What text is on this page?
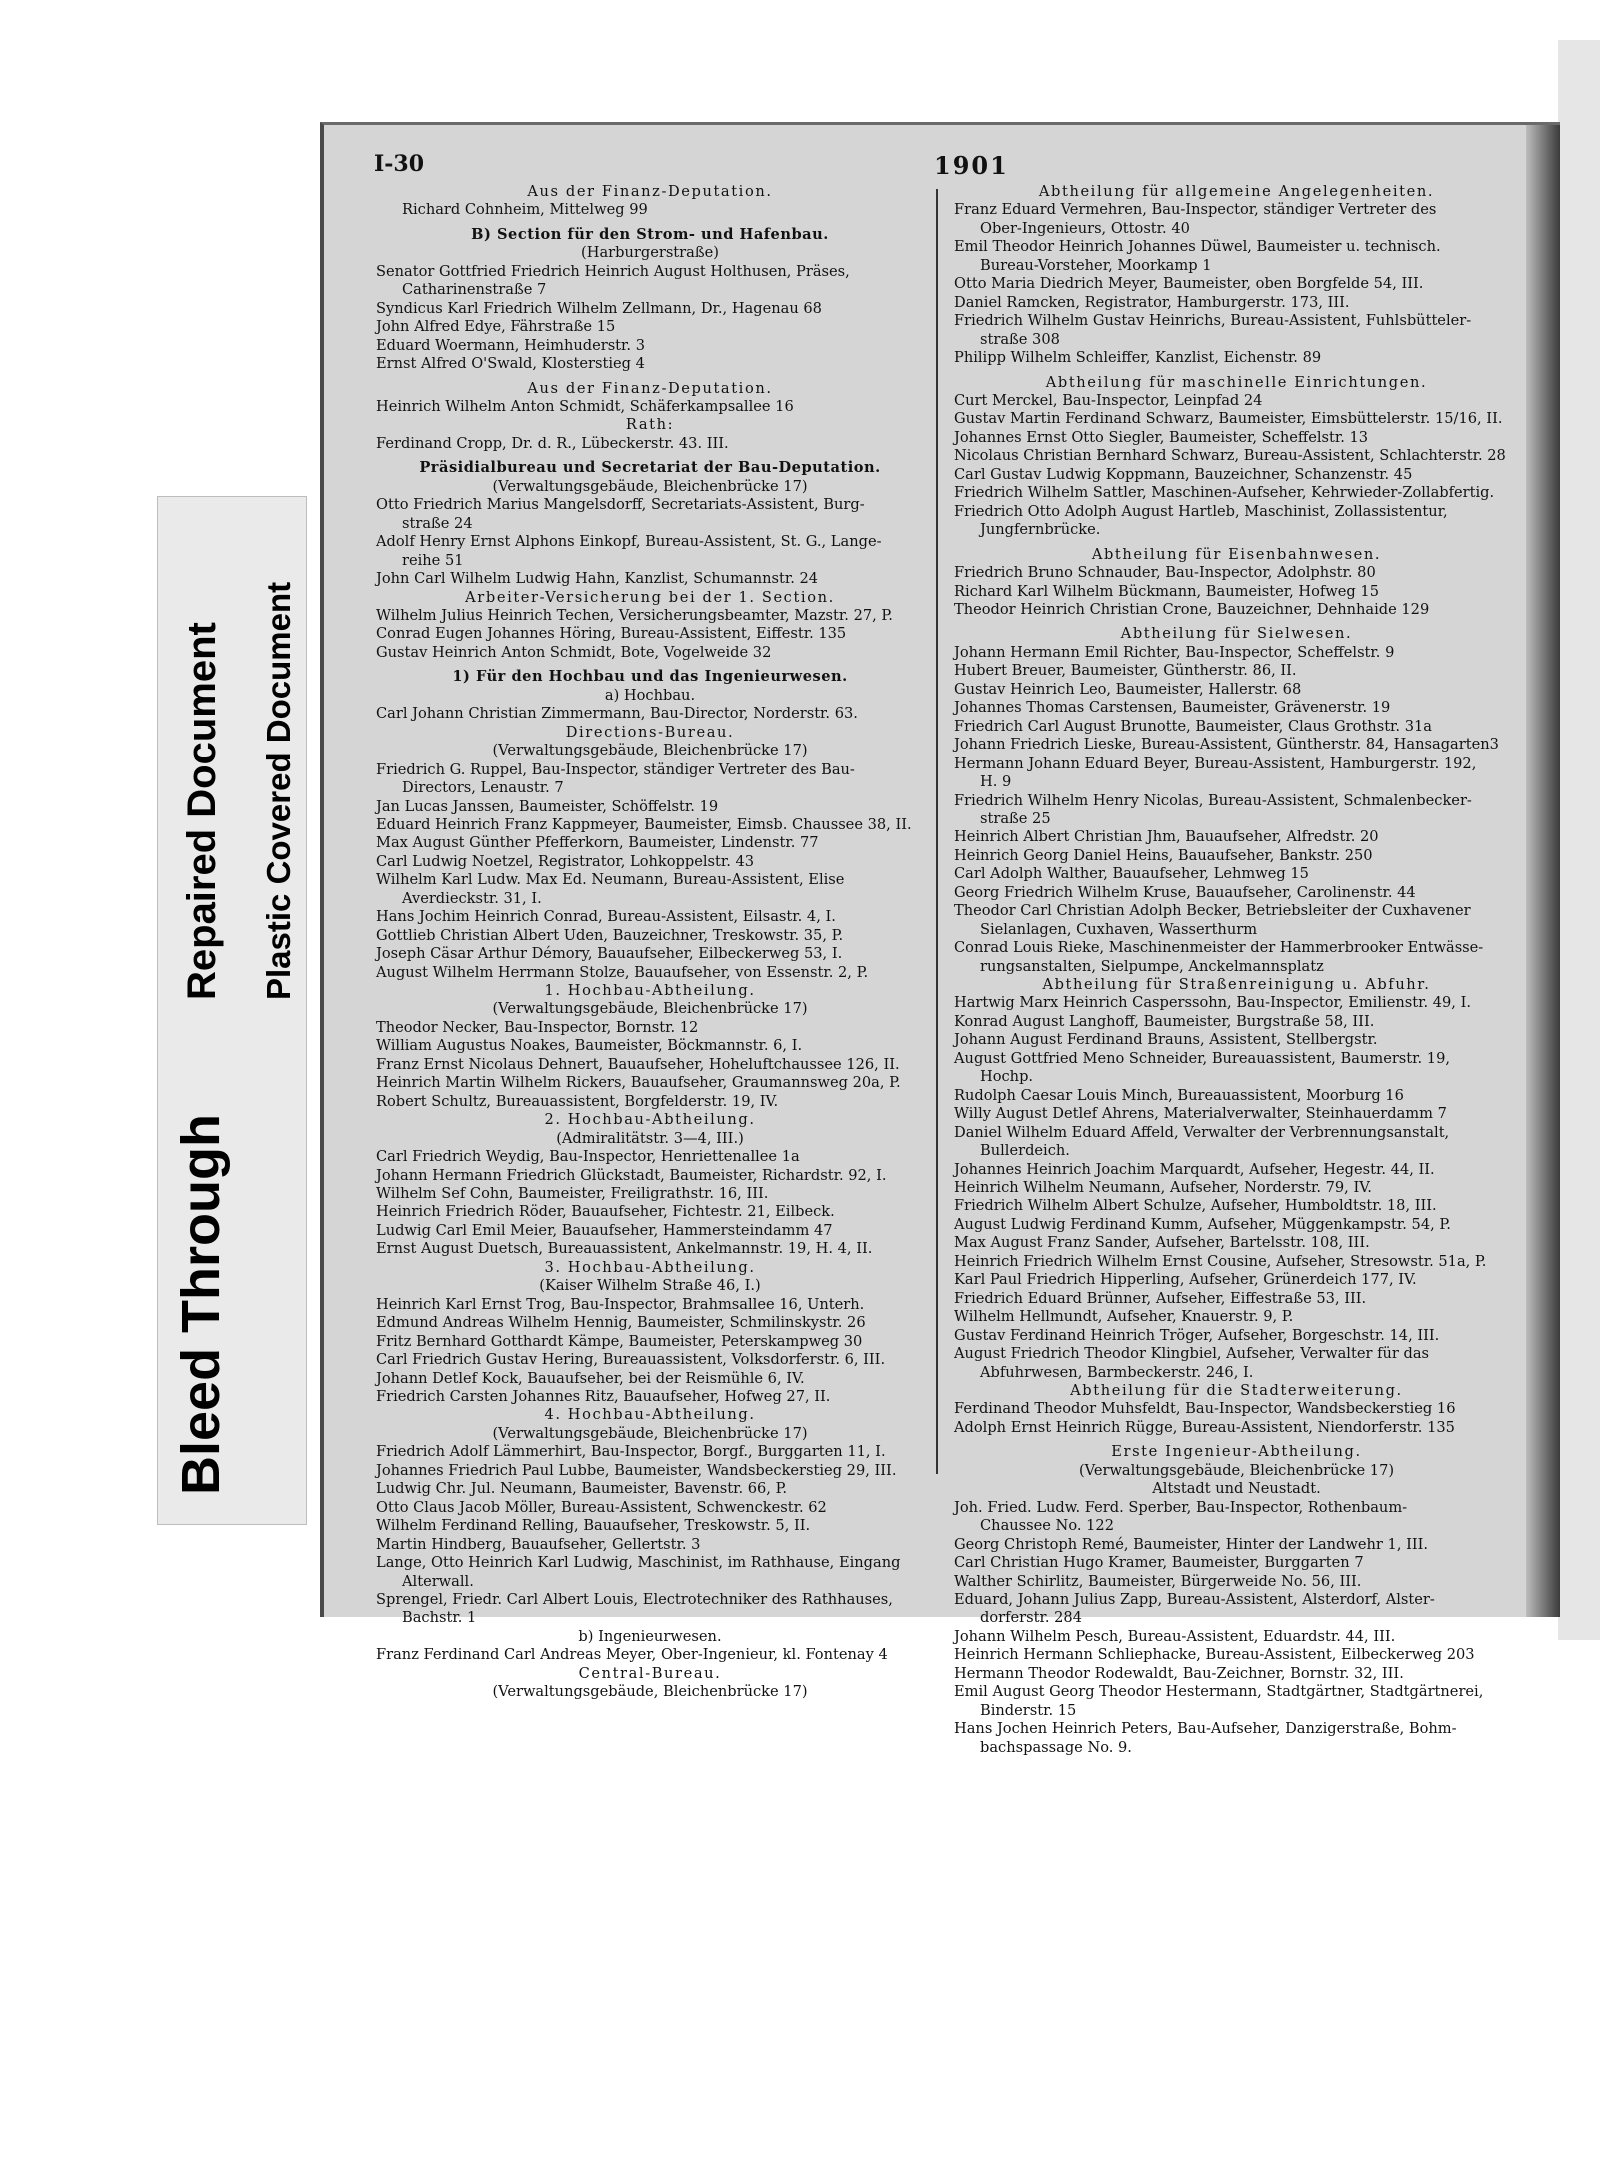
Bleed Through
Repaired Document Plastic Covered Document
I-30	1901
Aus der Finanz-Deputation.
Richard Cohnheim, Mittelweg 99
B) Section für den Strom- und Hafenbau.
(Harburgerstraße)
Senator Gottfried Friedrich Heinrich August Holthusen, Präses,
Catharinenstraße 7
Syndicus Karl Friedrich Wilhelm Zellmann, Dr., Hagenau 68
John Alfred Edye, Fährstraße 15
Eduard Woermann, Heimhuderstr. 3
Ernst Alfred O'Swald, Klosterstieg 4
Aus der Finanz-Deputation.
Heinrich Wilhelm Anton Schmidt, Schäferkampsallee 16
Rath:
Ferdinand Cropp, Dr. d. R., Lübeckerstr. 43. III.
Präsidialbureau und Secretariat der Bau-Deputation.
(Verwaltungsgebäude, Bleichenbrücke 17)
Otto Friedrich Marius Mangelsdorff, Secretariats-Assistent, Burg-
straße 24
Adolf Henry Ernst Alphons Einkopf, Bureau-Assistent, St. G., Lange-
reihe 51
John Carl Wilhelm Ludwig Hahn, Kanzlist, Schumannstr. 24
Arbeiter-Versicherung bei der 1. Section.
Wilhelm Julius Heinrich Techen, Versicherungsbeamter, Mazstr. 27, P.
Conrad Eugen Johannes Höring, Bureau-Assistent, Eiffestr. 135
Gustav Heinrich Anton Schmidt, Bote, Vogelweide 32
1) Für den Hochbau und das Ingenieurwesen.
a) Hochbau.
Carl Johann Christian Zimmermann, Bau-Director, Norderstr. 63.
Directions-Bureau.
(Verwaltungsgebäude, Bleichenbrücke 17)
Friedrich G. Ruppel, Bau-Inspector, ständiger Vertreter des Bau-
Directors, Lenaustr. 7
Jan Lucas Janssen, Baumeister, Schöffelstr. 19
Eduard Heinrich Franz Kappmeyer, Baumeister, Eimsb. Chaussee 38, II.
Max August Günther Pfefferkorn, Baumeister, Lindenstr. 77
Carl Ludwig Noetzel, Registrator, Lohkoppelstr. 43
Wilhelm Karl Ludw. Max Ed. Neumann, Bureau-Assistent, Elise
Averdieckstr. 31, I.
Hans Jochim Heinrich Conrad, Bureau-Assistent, Eilsastr. 4, I.
Gottlieb Christian Albert Uden, Bauzeichner, Treskowstr. 35, P.
Joseph Cäsar Arthur Démory, Bauaufseher, Eilbeckerweg 53, I.
August Wilhelm Herrmann Stolze, Bauaufseher, von Essenstr. 2, P.
1. Hochbau-Abtheilung.
(Verwaltungsgebäude, Bleichenbrücke 17)
Theodor Necker, Bau-Inspector, Bornstr. 12
William Augustus Noakes, Baumeister, Böckmannstr. 6, I.
Franz Ernst Nicolaus Dehnert, Bauaufseher, Hoheluftchaussee 126, II.
Heinrich Martin Wilhelm Rickers, Bauaufseher, Graumannsweg 20a, P.
Robert Schultz, Bureauassistent, Borgfelderstr. 19, IV.
2. Hochbau-Abtheilung.
(Admiralitätstr. 3—4, III.)
Carl Friedrich Weydig, Bau-Inspector, Henriettenallee 1a
Johann Hermann Friedrich Glückstadt, Baumeister, Richardstr. 92, I.
Wilhelm Sef Cohn, Baumeister, Freiligrathstr. 16, III.
Heinrich Friedrich Röder, Bauaufseher, Fichtestr. 21, Eilbeck.
Ludwig Carl Emil Meier, Bauaufseher, Hammersteindamm 47
Ernst August Duetsch, Bureauassistent, Ankelmannstr. 19, H. 4, II.
3. Hochbau-Abtheilung.
(Kaiser Wilhelm Straße 46, I.)
Heinrich Karl Ernst Trog, Bau-Inspector, Brahmsallee 16, Unterh.
Edmund Andreas Wilhelm Hennig, Baumeister, Schmilinskystr. 26
Fritz Bernhard Gotthardt Kämpe, Baumeister, Peterskampweg 30
Carl Friedrich Gustav Hering, Bureauassistent, Volksdorferstr. 6, III.
Johann Detlef Kock, Bauaufseher, bei der Reismühle 6, IV.
Friedrich Carsten Johannes Ritz, Bauaufseher, Hofweg 27, II.
4. Hochbau-Abtheilung.
(Verwaltungsgebäude, Bleichenbrücke 17)
Friedrich Adolf Lämmerhirt, Bau-Inspector, Borgf., Burggarten 11, I.
Johannes Friedrich Paul Lubbe, Baumeister, Wandsbeckerstieg 29, III.
Ludwig Chr. Jul. Neumann, Baumeister, Bavenstr. 66, P.
Otto Claus Jacob Möller, Bureau-Assistent, Schwenckestr. 62
Wilhelm Ferdinand Relling, Bauaufseher, Treskowstr. 5, II.
Martin Hindberg, Bauaufseher, Gellertstr. 3
Lange, Otto Heinrich Karl Ludwig, Maschinist, im Rathhause, Eingang
Alterwall.
Sprengel, Friedr. Carl Albert Louis, Electrotechniker des Rathhauses,
Bachstr. 1
b) Ingenieurwesen.
Franz Ferdinand Carl Andreas Meyer, Ober-Ingenieur, kl. Fontenay 4
Central-Bureau.
(Verwaltungsgebäude, Bleichenbrücke 17)
Abtheilung für allgemeine Angelegenheiten.
Franz Eduard Vermehren, Bau-Inspector, ständiger Vertreter des
Ober-Ingenieurs, Ottostr. 40
Emil Theodor Heinrich Johannes Düwel, Baumeister u. technisch.
Bureau-Vorsteher, Moorkamp 1
Otto Maria Diedrich Meyer, Baumeister, oben Borgfelde 54, III.
Daniel Ramcken, Registrator, Hamburgerstr. 173, III.
Friedrich Wilhelm Gustav Heinrichs, Bureau-Assistent, Fuhlsbütteler-
straße 308
Philipp Wilhelm Schleiffer, Kanzlist, Eichenstr. 89
Abtheilung für maschinelle Einrichtungen.
Curt Merckel, Bau-Inspector, Leinpfad 24
Gustav Martin Ferdinand Schwarz, Baumeister, Eimsbüttelerstr. 15/16, II.
Johannes Ernst Otto Siegler, Baumeister, Scheffelstr. 13
Nicolaus Christian Bernhard Schwarz, Bureau-Assistent, Schlachterstr. 28
Carl Gustav Ludwig Koppmann, Bauzeichner, Schanzenstr. 45
Friedrich Wilhelm Sattler, Maschinen-Aufseher, Kehrwieder-Zollabfertig.
Friedrich Otto Adolph August Hartleb, Maschinist, Zollassistentur,
Jungfernbrücke.
Abtheilung für Eisenbahnwesen.
Friedrich Bruno Schnauder, Bau-Inspector, Adolphstr. 80
Richard Karl Wilhelm Bückmann, Baumeister, Hofweg 15
Theodor Heinrich Christian Crone, Bauzeichner, Dehnhaide 129
Abtheilung für Sielwesen.
Johann Hermann Emil Richter, Bau-Inspector, Scheffelstr. 9
Hubert Breuer, Baumeister, Güntherstr. 86, II.
Gustav Heinrich Leo, Baumeister, Hallerstr. 68
Johannes Thomas Carstensen, Baumeister, Grävenerstr. 19
Friedrich Carl August Brunotte, Baumeister, Claus Grothstr. 31a
Johann Friedrich Lieske, Bureau-Assistent, Güntherstr. 84, Hansagarten3
Hermann Johann Eduard Beyer, Bureau-Assistent, Hamburgerstr. 192,
H. 9
Friedrich Wilhelm Henry Nicolas, Bureau-Assistent, Schmalenbecker-
straße 25
Heinrich Albert Christian Jhm, Bauaufseher, Alfredstr. 20
Heinrich Georg Daniel Heins, Bauaufseher, Bankstr. 250
Carl Adolph Walther, Bauaufseher, Lehmweg 15
Georg Friedrich Wilhelm Kruse, Bauaufseher, Carolinenstr. 44
Theodor Carl Christian Adolph Becker, Betriebsleiter der Cuxhavener
Sielanlagen, Cuxhaven, Wasserthurm
Conrad Louis Rieke, Maschinenmeister der Hammerbrooker Entwässe-
rungsanstalten, Sielpumpe, Anckelmannsplatz
Abtheilung für Straßenreinigung u. Abfuhr.
Hartwig Marx Heinrich Casperssohn, Bau-Inspector, Emilienstr. 49, I.
Konrad August Langhoff, Baumeister, Burgstraße 58, III.
Johann August Ferdinand Brauns, Assistent, Stellbergstr.
August Gottfried Meno Schneider, Bureauassistent, Baumerstr. 19,
Hochp.
Rudolph Caesar Louis Minch, Bureauassistent, Moorburg 16
Willy August Detlef Ahrens, Materialverwalter, Steinhauerdamm 7
Daniel Wilhelm Eduard Affeld, Verwalter der Verbrennungsanstalt,
Bullerdeich.
Johannes Heinrich Joachim Marquardt, Aufseher, Hegestr. 44, II.
Heinrich Wilhelm Neumann, Aufseher, Norderstr. 79, IV.
Friedrich Wilhelm Albert Schulze, Aufseher, Humboldtstr. 18, III.
August Ludwig Ferdinand Kumm, Aufseher, Müggenkampstr. 54, P.
Max August Franz Sander, Aufseher, Bartelsstr. 108, III.
Heinrich Friedrich Wilhelm Ernst Cousine, Aufseher, Stresowstr. 51a, P.
Karl Paul Friedrich Hipperling, Aufseher, Grünerdeich 177, IV.
Friedrich Eduard Brünner, Aufseher, Eiffestraße 53, III.
Wilhelm Hellmundt, Aufseher, Knauerstr. 9, P.
Gustav Ferdinand Heinrich Tröger, Aufseher, Borgeschstr. 14, III.
August Friedrich Theodor Klingbiel, Aufseher, Verwalter für das
Abfuhrwesen, Barmbeckerstr. 246, I.
Abtheilung für die Stadterweiterung.
Ferdinand Theodor Muhsfeldt, Bau-Inspector, Wandsbeckerstieg 16
Adolph Ernst Heinrich Rügge, Bureau-Assistent, Niendorferstr. 135
Erste Ingenieur-Abtheilung.
(Verwaltungsgebäude, Bleichenbrücke 17)
Altstadt und Neustadt.
Joh. Fried. Ludw. Ferd. Sperber, Bau-Inspector, Rothenbaum-
Chaussee No. 122
Georg Christoph Remé, Baumeister, Hinter der Landwehr 1, III.
Carl Christian Hugo Kramer, Baumeister, Burggarten 7
Walther Schirlitz, Baumeister, Bürgerweide No. 56, III.
Eduard, Johann Julius Zapp, Bureau-Assistent, Alsterdorf, Alster-
dorferstr. 284
Johann Wilhelm Pesch, Bureau-Assistent, Eduardstr. 44, III.
Heinrich Hermann Schliephacke, Bureau-Assistent, Eilbeckerweg 203
Hermann Theodor Rodewaldt, Bau-Zeichner, Bornstr. 32, III.
Emil August Georg Theodor Hestermann, Stadtgärtner, Stadtgärtnerei,
Binderstr. 15
Hans Jochen Heinrich Peters, Bau-Aufseher, Danzigerstraße, Bohm-
bachspassage No. 9.
